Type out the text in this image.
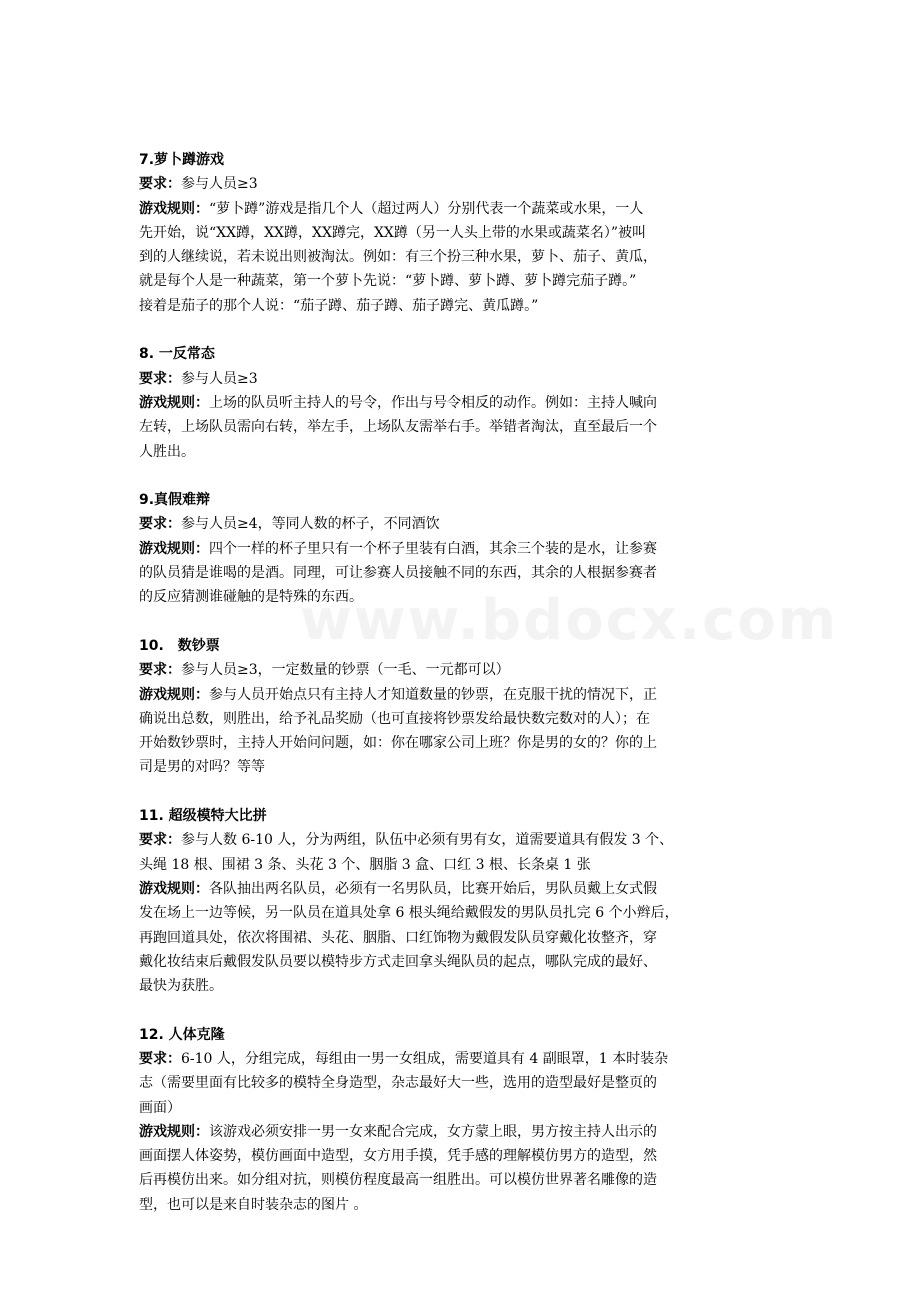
www.bdocx.com

7.萝卜蹲游戏

要求：参与人员≥3

游戏规则：“萝卜蹲”游戏是指几个人（超过两人）分别代表一个蔬菜或水果，一人

先开始，说“XX蹲，XX蹲，XX蹲完，XX蹲（另一人头上带的水果或蔬菜名）”被叫

到的人继续说，若未说出则被淘汰。例如：有三个扮三种水果，萝卜、茄子、黄瓜，

就是每个人是一种蔬菜，第一个萝卜先说：“萝卜蹲、萝卜蹲、萝卜蹲完茄子蹲。”

接着是茄子的那个人说：“茄子蹲、茄子蹲、茄子蹲完、黄瓜蹲。”

8. 一反常态

要求：参与人员≥3

游戏规则：上场的队员听主持人的号令，作出与号令相反的动作。例如：主持人喊向

左转，上场队员需向右转，举左手，上场队友需举右手。举错者淘汰，直至最后一个

人胜出。

9.真假难辩

要求：参与人员≥4，等同人数的杯子，不同酒饮

游戏规则：四个一样的杯子里只有一个杯子里装有白酒，其余三个装的是水，让参赛

的队员猜是谁喝的是酒。同理，可让参赛人员接触不同的东西，其余的人根据参赛者

的反应猜测谁碰触的是特殊的东西。

10.　数钞票

要求：参与人员≥3，一定数量的钞票（一毛、一元都可以）

游戏规则：参与人员开始点只有主持人才知道数量的钞票，在克服干扰的情况下，正

确说出总数，则胜出，给予礼品奖励（也可直接将钞票发给最快数完数对的人）；在

开始数钞票时，主持人开始问问题，如：你在哪家公司上班？你是男的女的？你的上

司是男的对吗？等等

11. 超级模特大比拼

要求：参与人数 6-10 人，分为两组，队伍中必须有男有女，道需要道具有假发 3 个、

头绳 18 根、围裙 3 条、头花 3 个、胭脂 3 盒、口红 3 根、长条桌 1 张

游戏规则：各队抽出两名队员，必须有一名男队员，比赛开始后，男队员戴上女式假

发在场上一边等候，另一队员在道具处拿 6 根头绳给戴假发的男队员扎完 6 个小辫后，

再跑回道具处，依次将围裙、头花、胭脂、口红饰物为戴假发队员穿戴化妆整齐，穿

戴化妆结束后戴假发队员要以模特步方式走回拿头绳队员的起点，哪队完成的最好、

最快为获胜。

12. 人体克隆

要求：6-10 人，分组完成，每组由一男一女组成，需要道具有 4 副眼罩，1 本时装杂

志（需要里面有比较多的模特全身造型，杂志最好大一些，选用的造型最好是整页的

画面）

游戏规则：该游戏必须安排一男一女来配合完成，女方蒙上眼，男方按主持人出示的

画面摆人体姿势，模仿画面中造型，女方用手摸，凭手感的理解模仿男方的造型，然

后再模仿出来。如分组对抗，则模仿程度最高一组胜出。可以模仿世界著名雕像的造

型，也可以是来自时装杂志的图片 。
